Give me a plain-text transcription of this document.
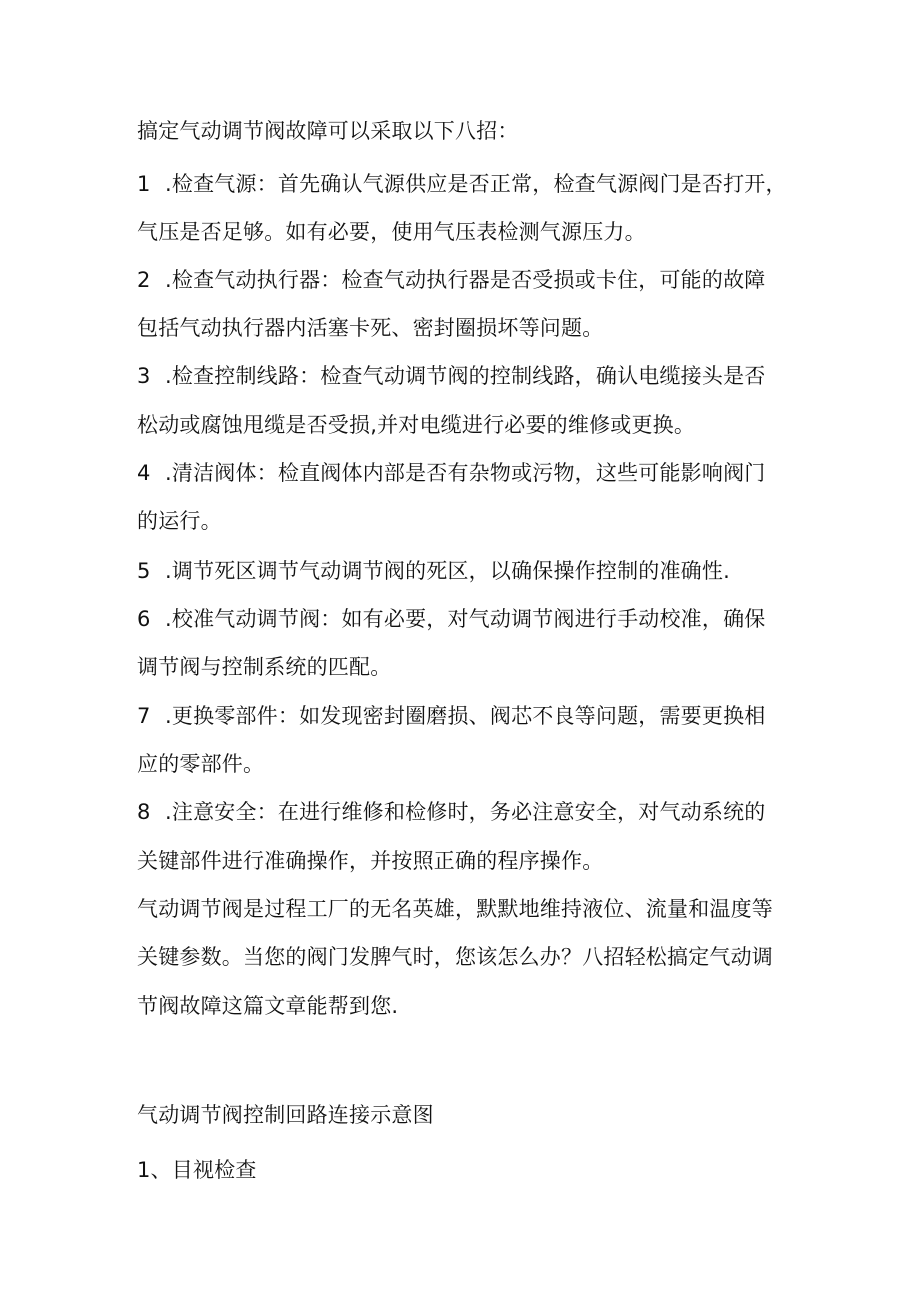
搞定气动调节阀故障可以采取以下八招：
1 .检查气源：首先确认气源供应是否正常，检查气源阀门是否打开，
气压是否足够。如有必要，使用气压表检测气源压力。
2 .检查气动执行器：检查气动执行器是否受损或卡住，可能的故障
包括气动执行器内活塞卡死、密封圈损坏等问题。
3 .检查控制线路：检查气动调节阀的控制线路，确认电缆接头是否
松动或腐蚀甩缆是否受损,并对电缆进行必要的维修或更换。
4 .清洁阀体：检直阀体内部是否有杂物或污物，这些可能影响阀门
的运行。
5 .调节死区调节气动调节阀的死区，以确保操作控制的准确性.
6 .校准气动调节阀：如有必要，对气动调节阀进行手动校准，确保
调节阀与控制系统的匹配。
7 .更换零部件：如发现密封圈磨损、阀芯不良等问题，需要更换相
应的零部件。
8 .注意安全：在进行维修和检修时，务必注意安全，对气动系统的
关键部件进行准确操作，并按照正确的程序操作。
气动调节阀是过程工厂的无名英雄，默默地维持液位、流量和温度等
关键参数。当您的阀门发脾气时，您该怎么办？八招轻松搞定气动调
节阀故障这篇文章能帮到您.
气动调节阀控制回路连接示意图
1、目视检查
